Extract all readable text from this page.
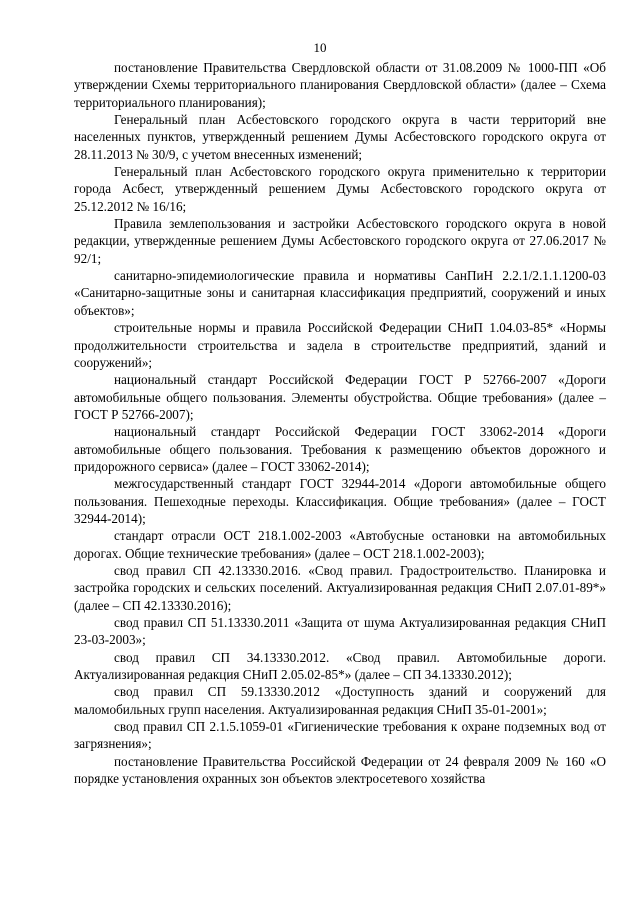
10

постановление Правительства Свердловской области от 31.08.2009 № 1000-ПП «Об утверждении Схемы территориального планирования Свердловской области» (далее – Схема территориального планирования);

Генеральный план Асбестовского городского округа в части территорий вне населенных пунктов, утвержденный решением Думы Асбестовского городского округа от 28.11.2013 № 30/9, с учетом внесенных изменений;

Генеральный план Асбестовского городского округа применительно к территории города Асбест, утвержденный решением Думы Асбестовского городского округа от 25.12.2012 № 16/16;

Правила землепользования и застройки Асбестовского городского округа в новой редакции, утвержденные решением Думы Асбестовского городского округа от 27.06.2017 № 92/1;

санитарно-эпидемиологические правила и нормативы СанПиН 2.2.1/2.1.1.1200-03 «Санитарно-защитные зоны и санитарная классификация предприятий, сооружений и иных объектов»;

строительные нормы и правила Российской Федерации СНиП 1.04.03-85* «Нормы продолжительности строительства и задела в строительстве предприятий, зданий и сооружений»;

национальный стандарт Российской Федерации ГОСТ Р 52766-2007 «Дороги автомобильные общего пользования. Элементы обустройства. Общие требования» (далее – ГОСТ Р 52766-2007);

национальный стандарт Российской Федерации ГОСТ 33062-2014 «Дороги автомобильные общего пользования. Требования к размещению объектов дорожного и придорожного сервиса» (далее – ГОСТ 33062-2014);

межгосударственный стандарт ГОСТ 32944-2014 «Дороги автомобильные общего пользования. Пешеходные переходы. Классификация. Общие требования» (далее – ГОСТ 32944-2014);

стандарт отрасли ОСТ 218.1.002-2003 «Автобусные остановки на автомобильных дорогах. Общие технические требования» (далее – ОСТ 218.1.002-2003);

свод правил СП 42.13330.2016. «Свод правил. Градостроительство. Планировка и застройка городских и сельских поселений. Актуализированная редакция СНиП 2.07.01-89*» (далее – СП 42.13330.2016);

свод правил СП 51.13330.2011 «Защита от шума Актуализированная редакция СНиП 23-03-2003»;

свод правил СП 34.13330.2012. «Свод правил. Автомобильные дороги. Актуализированная редакция СНиП 2.05.02-85*» (далее – СП 34.13330.2012);

свод правил СП 59.13330.2012 «Доступность зданий и сооружений для маломобильных групп населения. Актуализированная редакция СНиП 35-01-2001»;

свод правил СП 2.1.5.1059-01 «Гигиенические требования к охране подземных вод от загрязнения»;

постановление Правительства Российской Федерации от 24 февраля 2009 № 160 «О порядке установления охранных зон объектов электросетевого хозяйства
